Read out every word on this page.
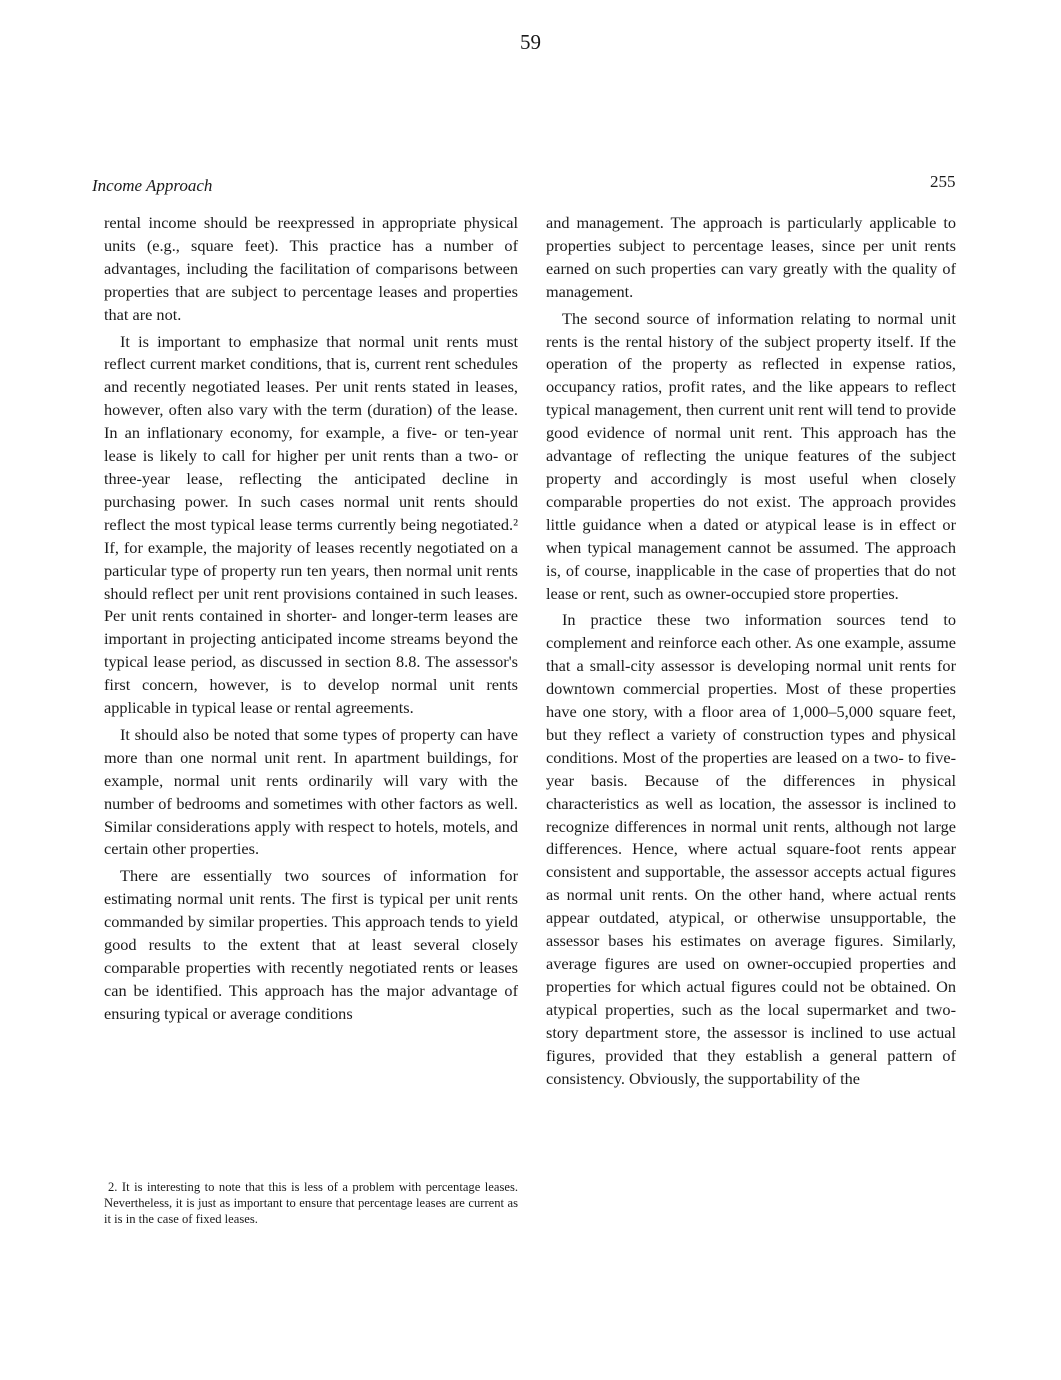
59
Income Approach	255

rental income should be reexpressed in appropriate physical units (e.g., square feet). This practice has a number of advantages, including the facilitation of comparisons between properties that are subject to percentage leases and properties that are not.

It is important to emphasize that normal unit rents must reflect current market conditions, that is, current rent schedules and recently negotiated leases. Per unit rents stated in leases, however, often also vary with the term (duration) of the lease. In an inflationary economy, for example, a five- or ten-year lease is likely to call for higher per unit rents than a two- or three-year lease, reflecting the anticipated decline in purchasing power. In such cases normal unit rents should reflect the most typical lease terms currently being negotiated.² If, for example, the majority of leases recently negotiated on a particular type of property run ten years, then normal unit rents should reflect per unit rent provisions contained in such leases. Per unit rents contained in shorter- and longer-term leases are important in projecting anticipated income streams beyond the typical lease period, as discussed in section 8.8. The assessor's first concern, however, is to develop normal unit rents applicable in typical lease or rental agreements.

It should also be noted that some types of property can have more than one normal unit rent. In apartment buildings, for example, normal unit rents ordinarily will vary with the number of bedrooms and sometimes with other factors as well. Similar considerations apply with respect to hotels, motels, and certain other properties.

There are essentially two sources of information for estimating normal unit rents. The first is typical per unit rents commanded by similar properties. This approach tends to yield good results to the extent that at least several closely comparable properties with recently negotiated rents or leases can be identified. This approach has the major advantage of ensuring typical or average conditions

2. It is interesting to note that this is less of a problem with percentage leases. Nevertheless, it is just as important to ensure that percentage leases are current as it is in the case of fixed leases.

and management. The approach is particularly applicable to properties subject to percentage leases, since per unit rents earned on such properties can vary greatly with the quality of management.

The second source of information relating to normal unit rents is the rental history of the subject property itself. If the operation of the property as reflected in expense ratios, occupancy ratios, profit rates, and the like appears to reflect typical management, then current unit rent will tend to provide good evidence of normal unit rent. This approach has the advantage of reflecting the unique features of the subject property and accordingly is most useful when closely comparable properties do not exist. The approach provides little guidance when a dated or atypical lease is in effect or when typical management cannot be assumed. The approach is, of course, inapplicable in the case of properties that do not lease or rent, such as owner-occupied store properties.

In practice these two information sources tend to complement and reinforce each other. As one example, assume that a small-city assessor is developing normal unit rents for downtown commercial properties. Most of these properties have one story, with a floor area of 1,000–5,000 square feet, but they reflect a variety of construction types and physical conditions. Most of the properties are leased on a two- to five-year basis. Because of the differences in physical characteristics as well as location, the assessor is inclined to recognize differences in normal unit rents, although not large differences. Hence, where actual square-foot rents appear consistent and supportable, the assessor accepts actual figures as normal unit rents. On the other hand, where actual rents appear outdated, atypical, or otherwise unsupportable, the assessor bases his estimates on average figures. Similarly, average figures are used on owner-occupied properties and properties for which actual figures could not be obtained. On atypical properties, such as the local supermarket and two-story department store, the assessor is inclined to use actual figures, provided that they establish a general pattern of consistency. Obviously, the supportability of the
